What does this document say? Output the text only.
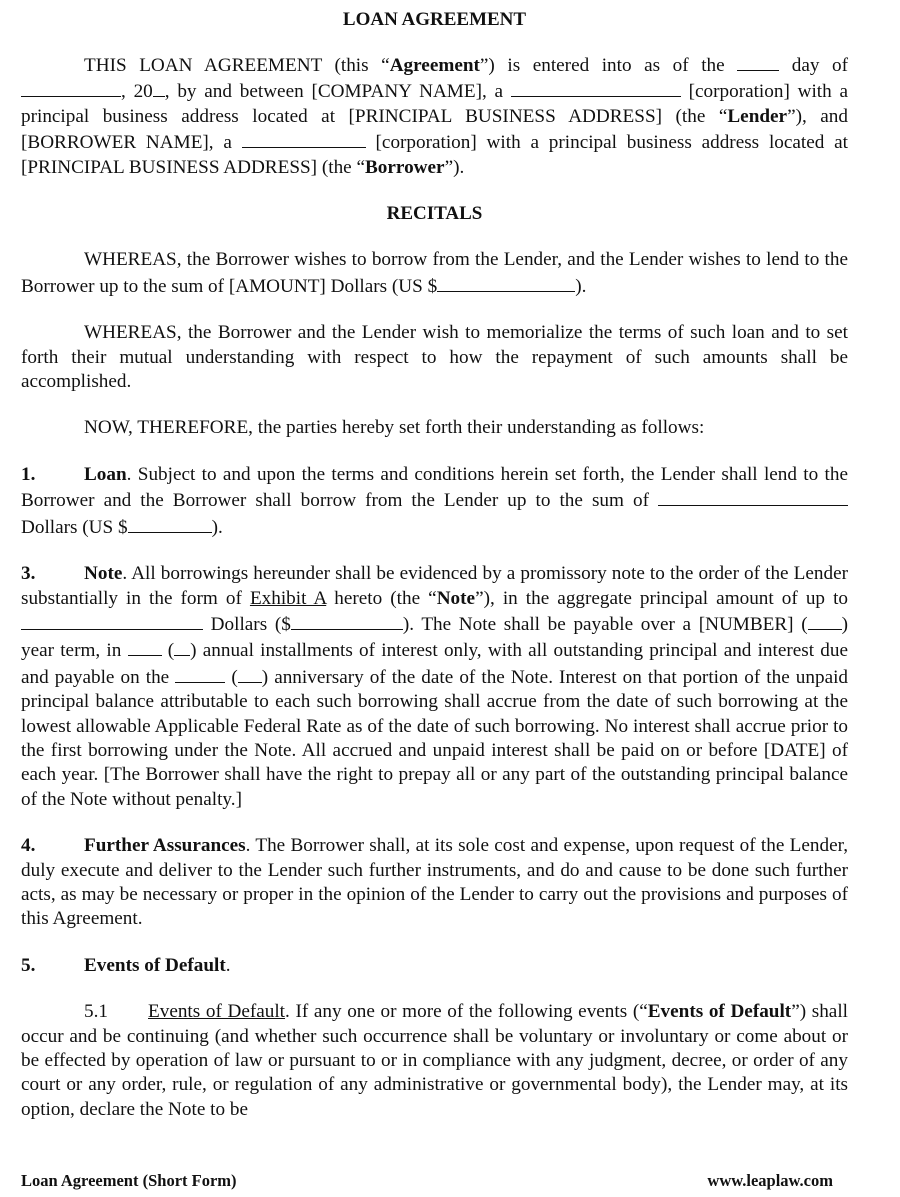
LOAN AGREEMENT

THIS LOAN AGREEMENT (this “Agreement”) is entered into as of the  day of , 20 , by and between [COMPANY NAME], a	[corporation] with a principal business address located at [PRINCIPAL BUSINESS ADDRESS] (the “Lender”), and [BORROWER NAME], a	[corporation] with a principal business address located at [PRINCIPAL BUSINESS ADDRESS] (the “Borrower”).

RECITALS

WHEREAS, the Borrower wishes to borrow from the Lender, and the Lender wishes to lend to the Borrower up to the sum of [AMOUNT] Dollars (US $	).

WHEREAS, the Borrower and the Lender wish to memorialize the terms of such loan and to set forth their mutual understanding with respect to how the repayment of such amounts shall be accomplished.

NOW, THEREFORE, the parties hereby set forth their understanding as follows:

1.	Loan. Subject to and upon the terms and conditions herein set forth, the Lender shall lend to the Borrower and the Borrower shall borrow from the Lender up to the sum of  Dollars (US $	).

3.	Note. All borrowings hereunder shall be evidenced by a promissory note to the order of the Lender substantially in the form of Exhibit A hereto (the “Note”), in the aggregate principal amount of up to  Dollars ($	). The Note shall be payable over a [NUMBER] ( ) year term, in  ( ) annual installments of interest only, with all outstanding principal and interest due and payable on the	( ) anniversary of the date of the Note. Interest on that portion of the unpaid principal balance attributable to each such borrowing shall accrue from the date of such borrowing at the lowest allowable Applicable Federal Rate as of the date of such borrowing. No interest shall accrue prior to the first borrowing under the Note. All accrued and unpaid interest shall be paid on or before [DATE] of each year. [The Borrower shall have the right to prepay all or any part of the outstanding principal balance of the Note without penalty.]

4.	Further Assurances. The Borrower shall, at its sole cost and expense, upon request of the Lender, duly execute and deliver to the Lender such further instruments, and do and cause to be done such further acts, as may be necessary or proper in the opinion of the Lender to carry out the provisions and purposes of this Agreement.

5.	Events of Default.

5.1 Events of Default. If any one or more of the following events (“Events of Default”) shall occur and be continuing (and whether such occurrence shall be voluntary or involuntary or come about or be effected by operation of law or pursuant to or in compliance with any judgment, decree, or order of any court or any order, rule, or regulation of any administrative or governmental body), the Lender may, at its option, declare the Note to be

Loan Agreement (Short Form)	www.leaplaw.com
